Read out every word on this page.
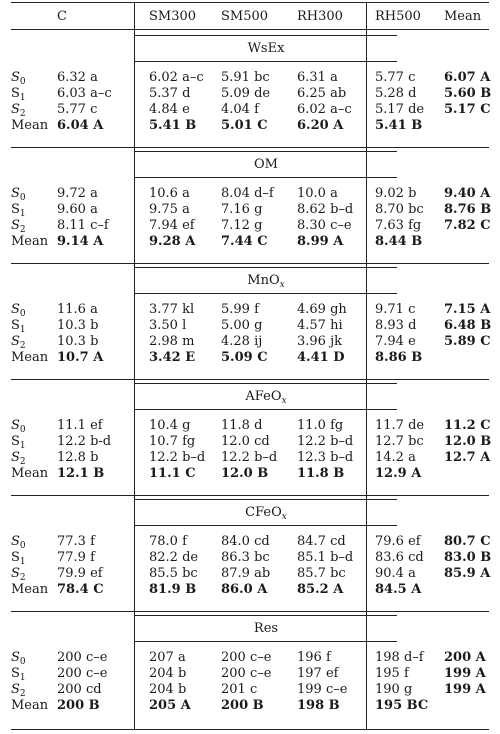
C	SM300 SM500 RH300 RH500 Mean
WsEx
$S_0$ 6.32 a	6.02 a–c 5.91 bc 6.31 a	5.77 c 6.07 A
$S_1$ 6.03 a–c	5.37 d 5.09 de 6.25 ab 5.28 d 5.60 B
$S_2$ 5.77 c	4.84 e 4.04 f	6.02 a–c 5.17 de 5.17 C
Mean 6.04 A	5.41 B 5.01 C 6.20 A 5.41 B
OM
$S_0$ 9.72 a	10.6 a 8.04 d–f 10.0 a	9.02 b 9.40 A
$S_1$ 9.60 a	9.75 a 7.16 g	8.62 b–d 8.70 bc 8.76 B
$S_2$ 8.11 c–f	7.94 ef 7.12 g	8.30 c–e 7.63 fg 7.82 C
Mean 9.14 A	9.28 A 7.44 C 8.99 A 8.44 B
MnO$_x$
$S_0$ 11.6 a	3.77 kl 5.99 f	4.69 gh 9.71 c 7.15 A
$S_1$ 10.3 b	3.50 l	5.00 g	4.57 hi 8.93 d 6.48 B
$S_2$ 10.3 b	2.98 m 4.28 ij	3.96 jk	7.94 e 5.89 C
Mean 10.7 A	3.42 E 5.09 C 4.41 D 8.86 B
AFeO$_x$
$S_0$ 11.1 ef	10.4 g 11.8 d	11.0 fg 11.7 de 11.2 C
$S_1$ 12.2 b-d	10.7 fg 12.0 cd 12.2 b–d 12.7 bc 12.0 B
$S_2$ 12.8 b	12.2 b–d 12.2 b–d 12.3 b–d 14.2 a 12.7 A
Mean 12.1 B	11.1 C 12.0 B 11.8 B 12.9 A
CFeO$_x$
$S_0$ 77.3 f	78.0 f	84.0 cd 84.7 cd 79.6 ef 80.7 C
$S_1$ 77.9 f	82.2 de 86.3 bc 85.1 b–d 83.6 cd 83.0 B
$S_2$ 79.9 ef	85.5 bc 87.9 ab 85.7 bc 90.4 a 85.9 A
Mean 78.4 C	81.9 B 86.0 A 85.2 A 84.5 A
Res
$S_0$ 200 c–e	207 a	200 c–e 196 f	198 d–f 200 A
$S_1$ 200 c–e	204 b	200 c–e 197 ef	195 f	199 A
$S_2$ 200 cd	204 b	201 c	199 c–e 190 g 199 A
Mean 200 B	205 A 200 B	198 B	195 BC
